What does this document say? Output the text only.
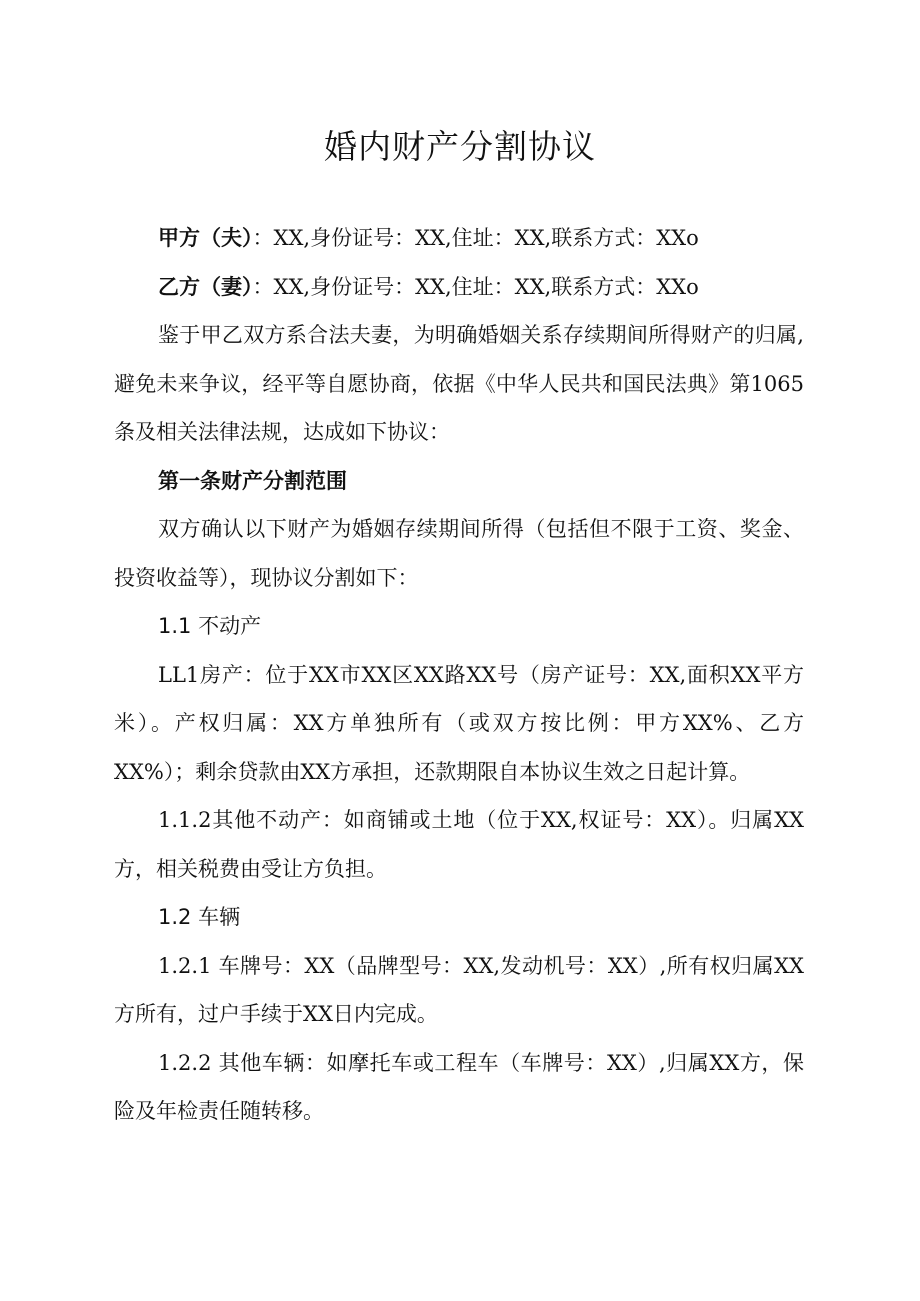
婚内财产分割协议

甲方（夫）：XX,身份证号：XX,住址：XX,联系方式：XXo

乙方（妻）：XX,身份证号：XX,住址：XX,联系方式：XXo

鉴于甲乙双方系合法夫妻，为明确婚姻关系存续期间所得财产的归属,避免未来争议，经平等自愿协商，依据《中华人民共和国民法典》第1065条及相关法律法规，达成如下协议：

第一条财产分割范围

双方确认以下财产为婚姻存续期间所得（包括但不限于工资、奖金、投资收益等），现协议分割如下：

1.1 不动产

LL1房产：位于XX市XX区XX路XX号（房产证号：XX,面积XX平方米）。产权归属：XX方单独所有（或双方按比例：甲方XX%、乙方XX%）；剩余贷款由XX方承担，还款期限自本协议生效之日起计算。

1.1.2其他不动产：如商铺或土地（位于XX,权证号：XX）。归属XX方，相关税费由受让方负担。

1.2 车辆

1.2.1 车牌号：XX（品牌型号：XX,发动机号：XX）,所有权归属XX方所有，过户手续于XX日内完成。

1.2.2 其他车辆：如摩托车或工程车（车牌号：XX）,归属XX方，保险及年检责任随转移。
